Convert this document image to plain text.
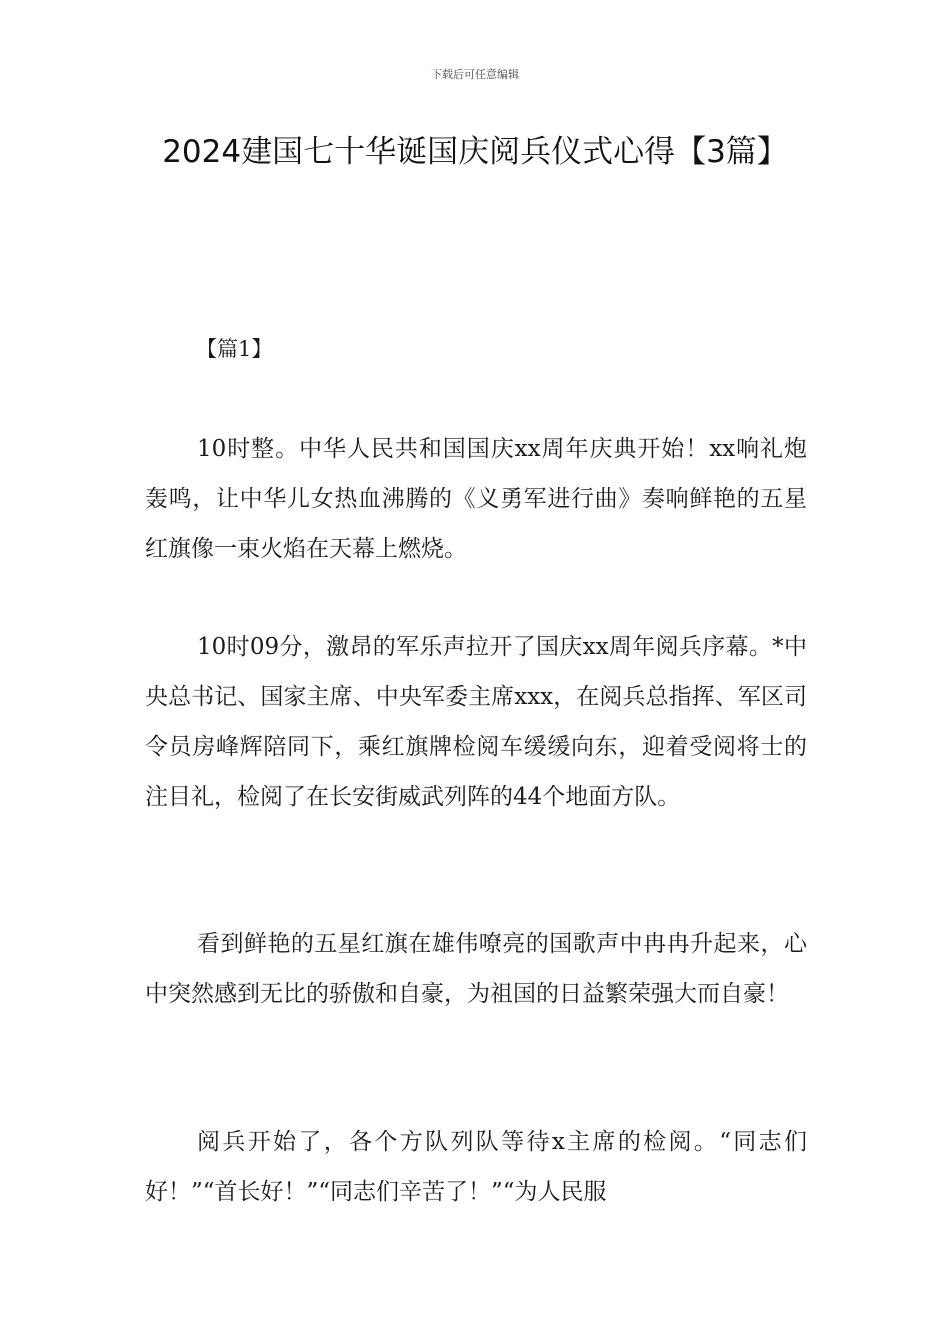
下载后可任意编辑
2024建国七十华诞国庆阅兵仪式心得【3篇】

【篇1】

10时整。中华人民共和国国庆xx周年庆典开始！xx响礼炮轰鸣，让中华儿女热血沸腾的《义勇军进行曲》奏响鲜艳的五星红旗像一束火焰在天幕上燃烧。

10时09分，激昂的军乐声拉开了国庆xx周年阅兵序幕。*中央总书记、国家主席、中央军委主席xxx，在阅兵总指挥、军区司令员房峰辉陪同下，乘红旗牌检阅车缓缓向东，迎着受阅将士的注目礼，检阅了在长安街威武列阵的44个地面方队。

看到鲜艳的五星红旗在雄伟嘹亮的国歌声中冉冉升起来，心中突然感到无比的骄傲和自豪，为祖国的日益繁荣强大而自豪！

阅兵开始了，各个方队列队等待x主席的检阅。“同志们好！”“首长好！”“同志们辛苦了！”“为人民服
